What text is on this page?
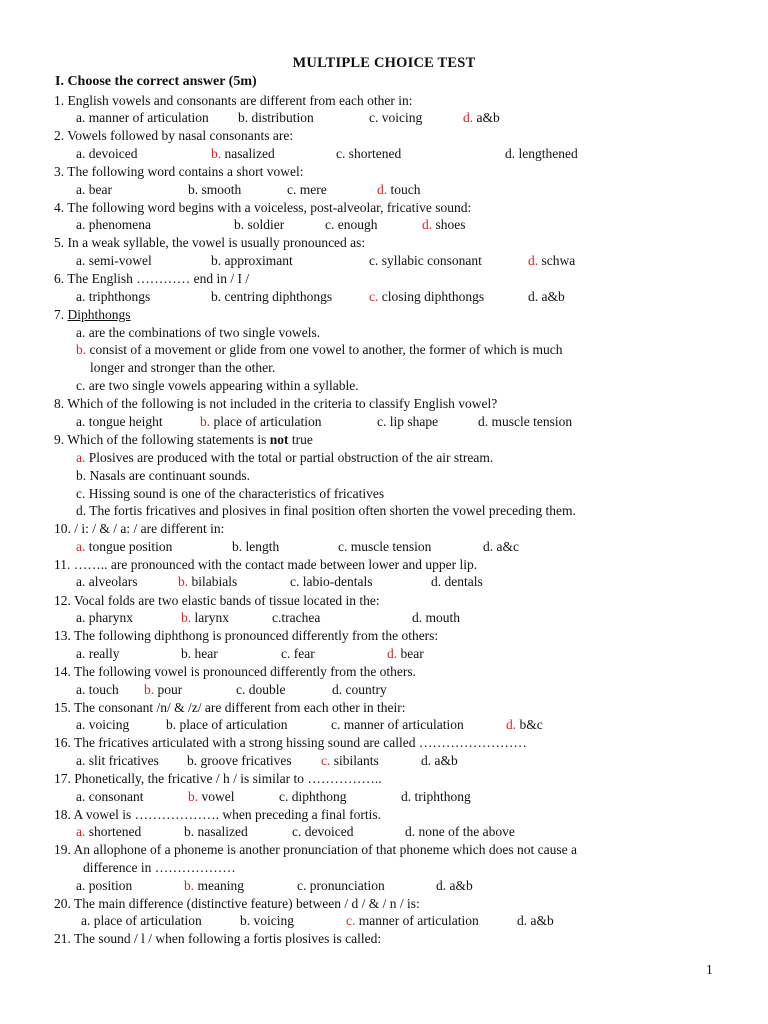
MULTIPLE CHOICE TEST
I. Choose the correct answer (5m)
1. English vowels and consonants are different from each other in:
a. manner of articulation b. distribution	c. voicing	d. a&b
2. Vowels followed by nasal consonants are:
a. devoiced	b. nasalized	c. shortened	d. lengthened
3. The following word contains a short vowel:
a. bear	b. smooth	c. mere	d. touch
4. The following word begins with a voiceless, post-alveolar, fricative sound:
a. phenomena	b. soldier	c. enough	d. shoes
5. In a weak syllable, the vowel is usually pronounced as:
a. semi-vowel	b. approximant	c. syllabic consonant	d. schwa
6. The English ………… end in / I /
a. triphthongs	b. centring diphthongs	c. closing diphthongs	d. a&b
7. Diphthongs
a. are the combinations of two single vowels.
b. consist of a movement or glide from one vowel to another, the former of which is much
longer and stronger than the other.
c. are two single vowels appearing within a syllable.
8. Which of the following is not included in the criteria to classify English vowel?
a. tongue height	b. place of articulation	c. lip shape	d. muscle tension
9. Which of the following statements is not true
a. Plosives are produced with the total or partial obstruction of the air stream.
b. Nasals are continuant sounds.
c. Hissing sound is one of the characteristics of fricatives
d. The fortis fricatives and plosives in final position often shorten the vowel preceding them.
10. / i: / & / a: / are different in:
a. tongue position	b. length	c. muscle tension	d. a&c
11. …….. are pronounced with the contact made between lower and upper lip.
a. alveolars	b. bilabials	c. labio-dentals	d. dentals
12. Vocal folds are two elastic bands of tissue located in the:
a. pharynx	b. larynx	c.trachea	d. mouth
13. The following diphthong is pronounced differently from the others:
a. really	b. hear	c. fear	d. bear
14. The following vowel is pronounced differently from the others.
a. touch b. pour	c. double	d. country
15. The consonant /n/ & /z/ are different from each other in their:
a. voicing	b. place of articulation	c. manner of articulation	d. b&c
16. The fricatives articulated with a strong hissing sound are called ……………………
a. slit fricatives b. groove fricatives c. sibilants	d. a&b
17. Phonetically, the fricative / h / is similar to ……………..
a. consonant	b. vowel	c. diphthong	d. triphthong
18. A vowel is ………………. when preceding a final fortis.
a. shortened	b. nasalized	c. devoiced	d. none of the above
19. An allophone of a phoneme is another pronunciation of that phoneme which does not cause a
difference in ………………
a. position	b. meaning	c. pronunciation	d. a&b
20. The main difference (distinctive feature) between / d / & / n / is:
a. place of articulation	b. voicing	c. manner of articulation	d. a&b
21. The sound / l / when following a fortis plosives is called:
1
